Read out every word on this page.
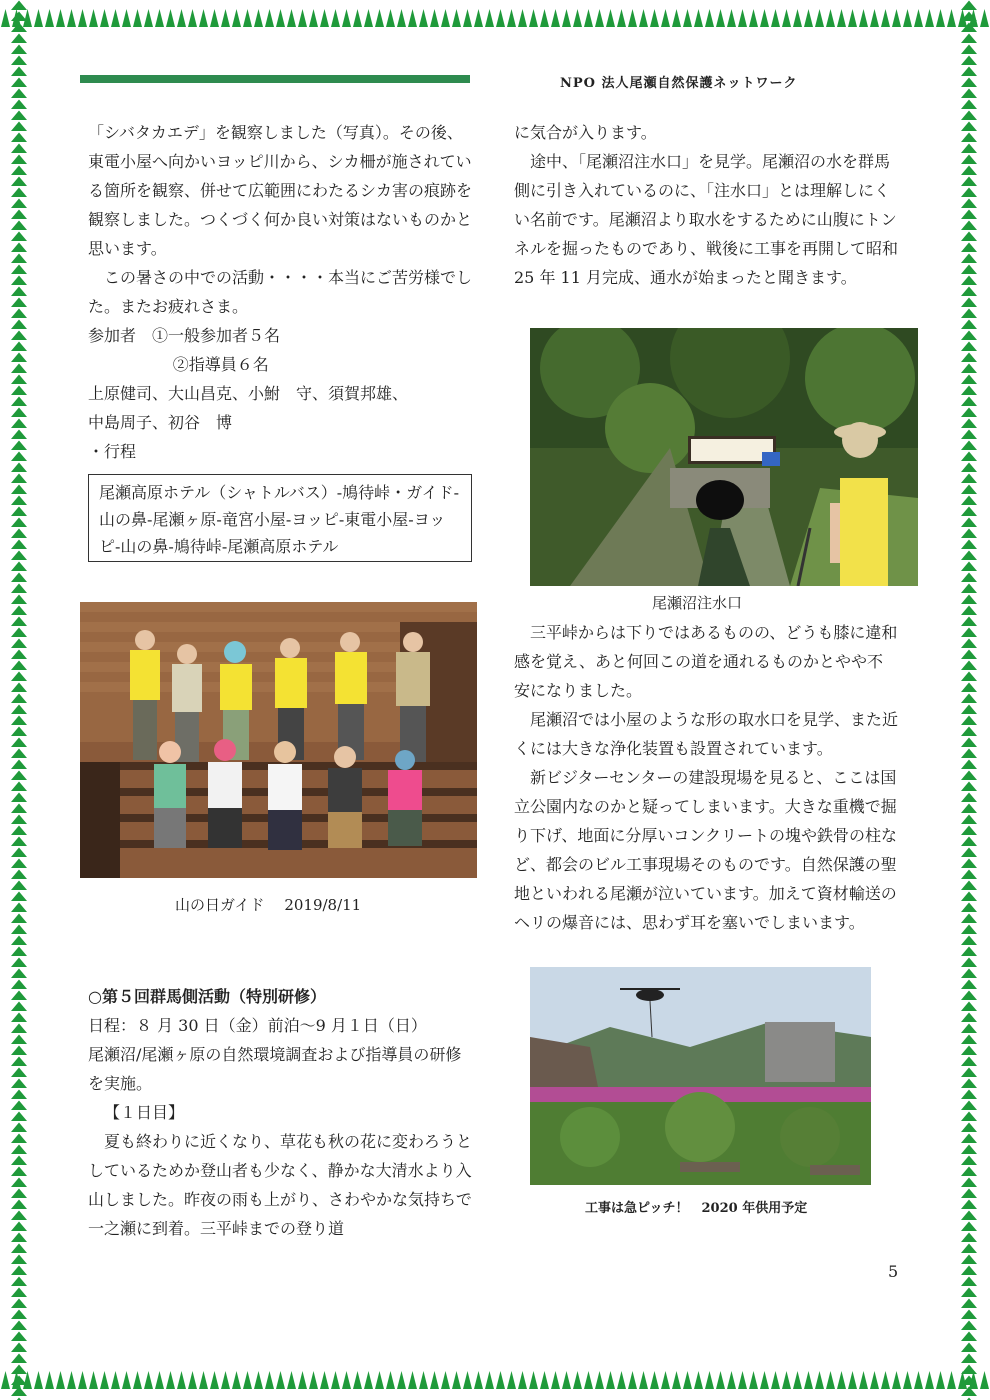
NPO 法人尾瀬自然保護ネットワーク

「シバタカエデ」を観察しました（写真）。その後、東電小屋へ向かいヨッピ川から、シカ柵が施されている箇所を観察、併せて広範囲にわたるシカ害の痕跡を観察しました。つくづく何か良い対策はないものかと思います。

この暑さの中での活動・・・・本当にご苦労様でした。またお疲れさま。

参加者　①一般参加者５名

②指導員６名

上原健司、大山昌克、小鮒　守、須賀邦雄、

中島周子、初谷　博

・行程

尾瀬高原ホテル（シャトルバス）-鳩待峠・ガイド-山の鼻-尾瀬ヶ原-竜宮小屋-ヨッピ-東電小屋-ヨッピ-山の鼻-鳩待峠-尾瀬高原ホテル
山の日ガイド　 2019/8/11

○第５回群馬側活動（特別研修）

日程：８ 月 30 日（金）前泊～9 月１日（日）

尾瀬沼/尾瀬ヶ原の自然環境調査および指導員の研修を実施。

【１日目】

夏も終わりに近くなり、草花も秋の花に変わろうとしているためか登山者も少なく、静かな大清水より入山しました。昨夜の雨も上がり、さわやかな気持ちで一之瀬に到着。三平峠までの登り道

に気合が入ります。

途中、「尾瀬沼注水口」を見学。尾瀬沼の水を群馬側に引き入れているのに、「注水口」とは理解しにくい名前です。尾瀬沼より取水をするために山腹にトンネルを掘ったものであり、戦後に工事を再開して昭和 25 年 11 月完成、通水が始まったと聞きます。

尾瀬沼注水口

三平峠からは下りではあるものの、どうも膝に違和感を覚え、あと何回この道を通れるものかとやや不安になりました。

尾瀬沼では小屋のような形の取水口を見学、また近くには大きな浄化装置も設置されています。

新ビジターセンターの建設現場を見ると、ここは国立公園内なのかと疑ってしまいます。大きな重機で掘り下げ、地面に分厚いコンクリートの塊や鉄骨の柱など、都会のビル工事現場そのものです。自然保護の聖地といわれる尾瀬が泣いています。加えて資材輸送のヘリの爆音には、思わず耳を塞いでしまいます。

工事は急ピッチ！　2020 年供用予定
5
